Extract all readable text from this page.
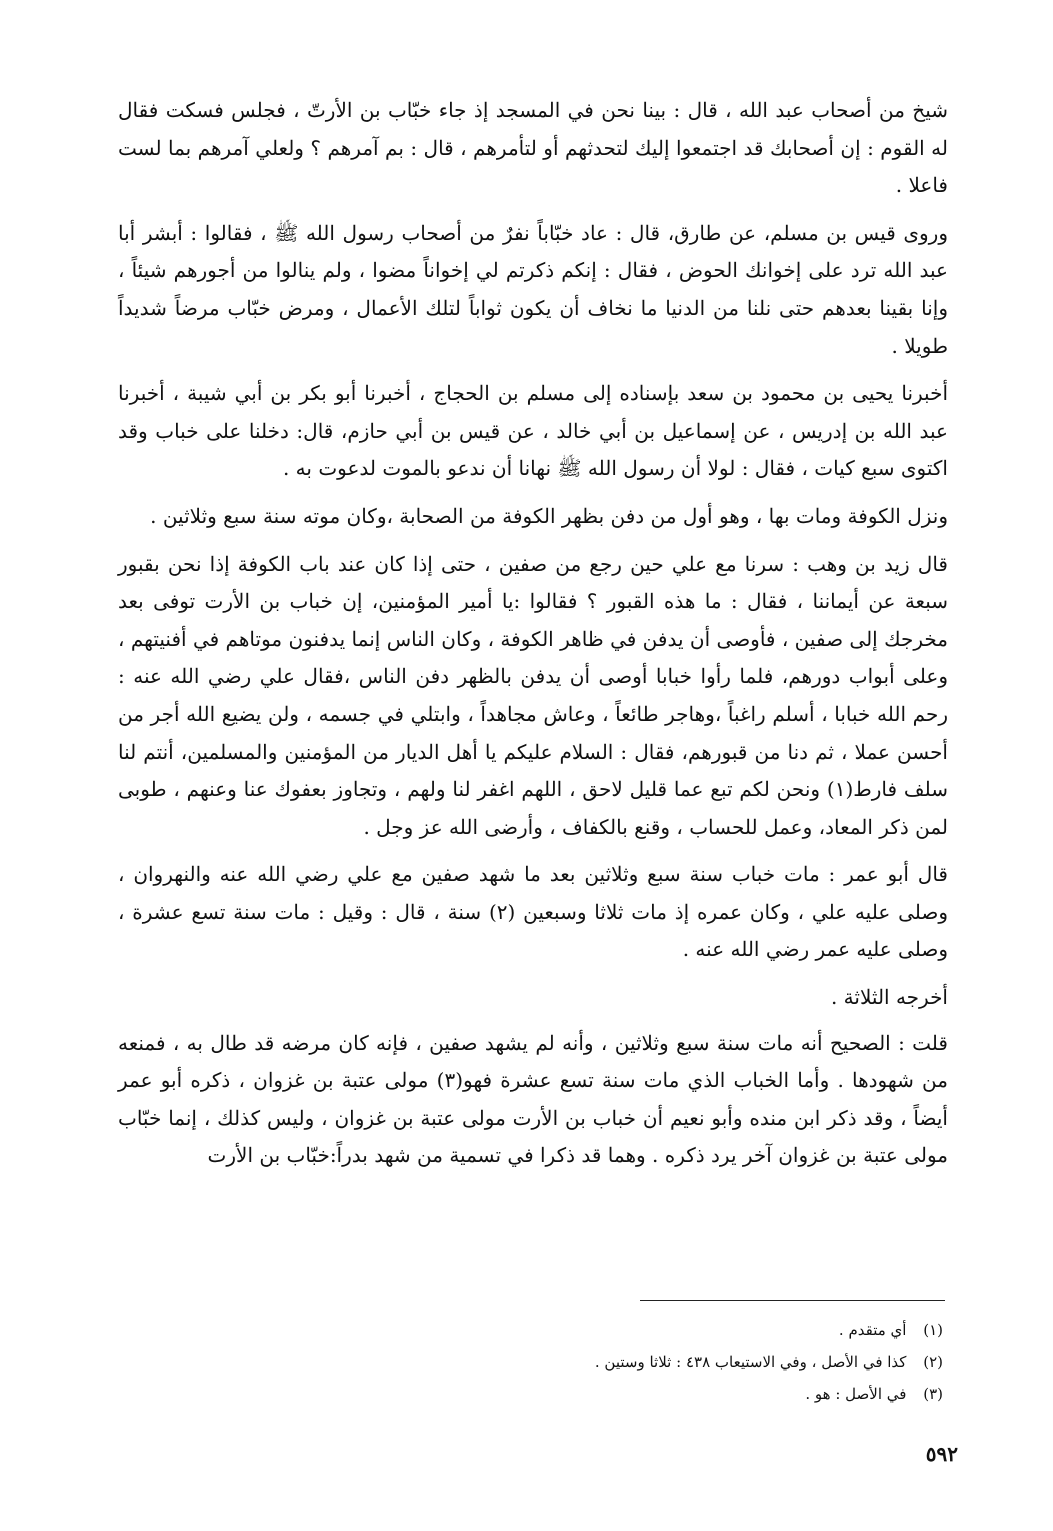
شيخ من أصحاب عبد الله ، قال : بينا نحن في المسجد إذ جاء خبّاب بن الأرتّ ، فجلس فسكت فقال له القوم : إن أصحابك قد اجتمعوا إليك لتحدثهم أو لتأمرهم ، قال : بم آمرهم ؟ ولعلي آمرهم بما لست فاعلا .

وروى قيس بن مسلم، عن طارق، قال : عاد خبّاباً نفرٌ من أصحاب رسول الله ﷺ ، فقالوا : أبشر أبا عبد الله ترد على إخوانك الحوض ، فقال : إنكم ذكرتم لي إخواناً مضوا ، ولم ينالوا من أجورهم شيئاً ، وإنا بقينا بعدهم حتى نلنا من الدنيا ما نخاف أن يكون ثواباً لتلك الأعمال ، ومرض خبّاب مرضاً شديداً طويلا .

أخبرنا يحيى بن محمود بن سعد بإسناده إلى مسلم بن الحجاج ، أخبرنا أبو بكر بن أبي شيبة ، أخبرنا عبد الله بن إدريس ، عن إسماعيل بن أبي خالد ، عن قيس بن أبي حازم، قال: دخلنا على خباب وقد اكتوى سبع كيات ، فقال : لولا أن رسول الله ﷺ نهانا أن ندعو بالموت لدعوت به .

ونزل الكوفة ومات بها ، وهو أول من دفن بظهر الكوفة من الصحابة ،وكان موته سنة سبع وثلاثين .

قال زيد بن وهب : سرنا مع علي حين رجع من صفين ، حتى إذا كان عند باب الكوفة إذا نحن بقبور سبعة عن أيماننا ، فقال : ما هذه القبور ؟ فقالوا :يا أمير المؤمنين، إن خباب بن الأرت توفى بعد مخرجك إلى صفين ، فأوصى أن يدفن في ظاهر الكوفة ، وكان الناس إنما يدفنون موتاهم في أفنيتهم ، وعلى أبواب دورهم، فلما رأوا خبابا أوصى أن يدفن بالظهر دفن الناس ،فقال علي رضي الله عنه : رحم الله خبابا ، أسلم راغباً ،وهاجر طائعاً ، وعاش مجاهداً ، وابتلي في جسمه ، ولن يضيع الله أجر من أحسن عملا ، ثم دنا من قبورهم، فقال : السلام عليكم يا أهل الديار من المؤمنين والمسلمين، أنتم لنا سلف فارط(١) ونحن لكم تبع عما قليل لاحق ، اللهم اغفر لنا ولهم ، وتجاوز بعفوك عنا وعنهم ، طوبى لمن ذكر المعاد، وعمل للحساب ، وقنع بالكفاف ، وأرضى الله عز وجل .

قال أبو عمر : مات خباب سنة سبع وثلاثين بعد ما شهد صفين مع علي رضي الله عنه والنهروان ، وصلى عليه علي ، وكان عمره إذ مات ثلاثا وسبعين (٢) سنة ، قال : وقيل : مات سنة تسع عشرة ، وصلى عليه عمر رضي الله عنه .

أخرجه الثلاثة .

قلت : الصحيح أنه مات سنة سبع وثلاثين ، وأنه لم يشهد صفين ، فإنه كان مرضه قد طال به ، فمنعه من شهودها . وأما الخباب الذي مات سنة تسع عشرة فهو(٣) مولى عتبة بن غزوان ، ذكره أبو عمر أيضاً ، وقد ذكر ابن منده وأبو نعيم أن خباب بن الأرت مولى عتبة بن غزوان ، وليس كذلك ، إنما خبّاب مولى عتبة بن غزوان آخر يرد ذكره . وهما قد ذكرا في تسمية من شهد بدراً:خبّاب بن الأرت

(١) أي متقدم .

(٢) كذا في الأصل ، وفي الاستيعاب ٤٣٨ : ثلاثا وستين .

(٣) في الأصل : هو .

٥٩٢
